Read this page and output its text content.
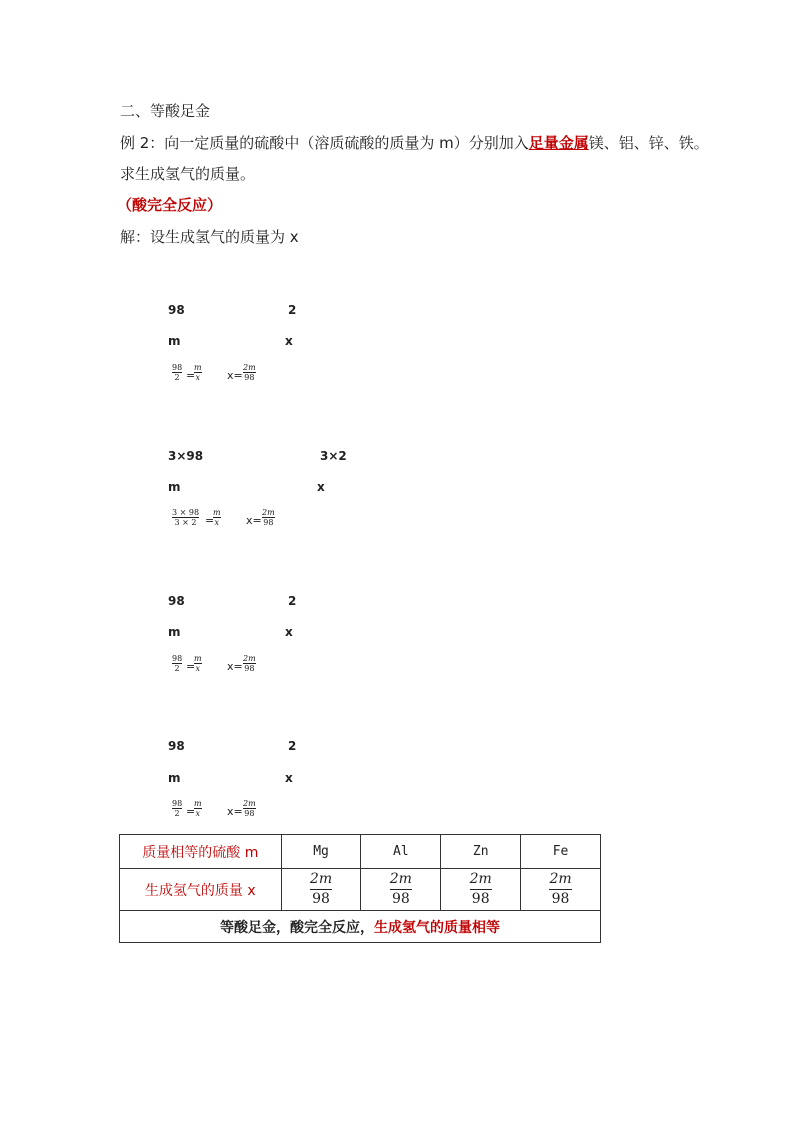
二、等酸足金
例 2：向一定质量的硫酸中（溶质硫酸的质量为 m）分别加入足量金属镁、铝、锌、铁。
求生成氢气的质量。
（酸完全反应）
解：设生成氢气的质量为 x
98	2
m	x
98
2 =
m
x x=
2m
98
3×98	3×2
m	x
3 × 98
3 × 2 =
m
x x=
2m
98
98	2
m	x
98
2 =
m
x x=
2m
98
98	2
m	x
98
2 =
m
x x=
2m
98
质量相等的硫酸 m	Mg	Al	Zn	Fe
生成氢气的质量 x	$\frac{2m}{98}$	$\frac{2m}{98}$	$\frac{2m}{98}$	$\frac{2m}{98}$

等酸足金，酸完全反应，生成氢气的质量相等				
